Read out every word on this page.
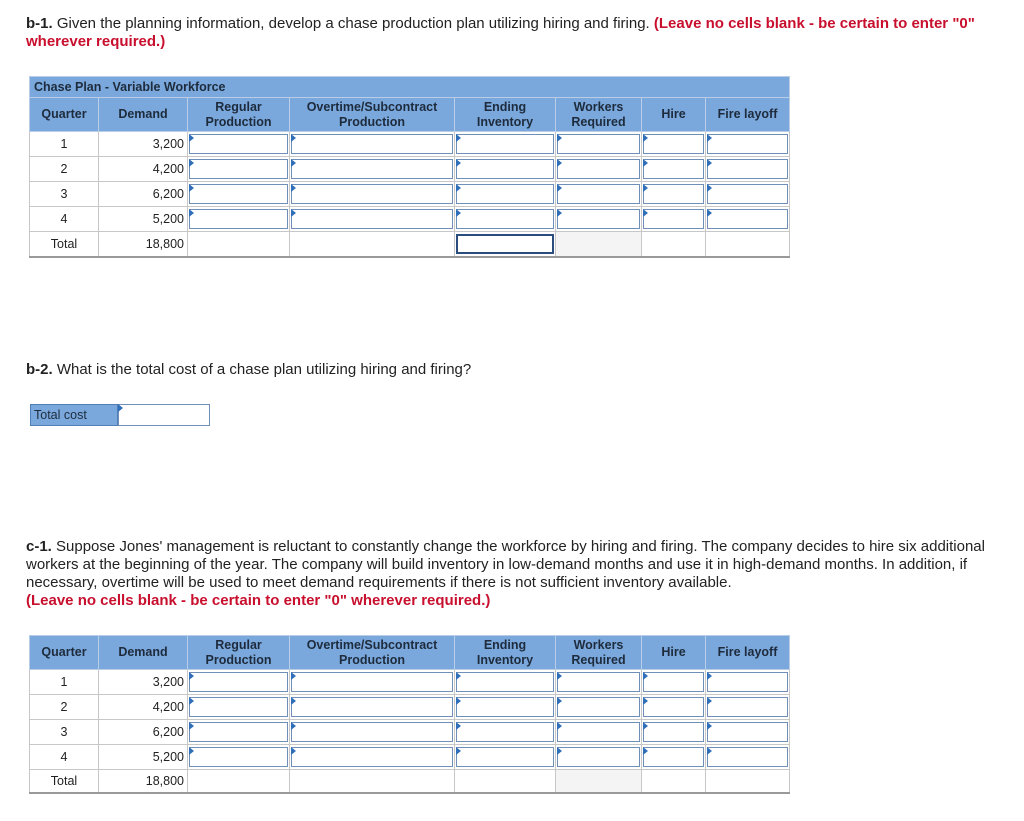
b-1. Given the planning information, develop a chase production plan utilizing hiring and firing. (Leave no cells blank - be certain to enter "0" wherever required.)
Chase Plan - Variable Workforce							
Quarter	Demand	Regular Production	Overtime/Subcontract Production	Ending Inventory	Workers Required	Hire	Fire layoff
1	3,200	

2	4,200	

3	6,200	

4	5,200	

Total	18,800			

b-2. What is the total cost of a chase plan utilizing hiring and firing?
Total cost
c-1. Suppose Jones' management is reluctant to constantly change the workforce by hiring and firing. The company decides to hire six additional workers at the beginning of the year. The company will build inventory in low-demand months and use it in high-demand months. In addition, if necessary, overtime will be used to meet demand requirements if there is not sufficient inventory available.
(Leave no cells blank - be certain to enter "0" wherever required.)
Quarter	Demand	Regular Production	Overtime/Subcontract Production	Ending Inventory	Workers Required	Hire	Fire layoff
1	3,200	

2	4,200	

3	6,200	

4	5,200	

Total	18,800						
